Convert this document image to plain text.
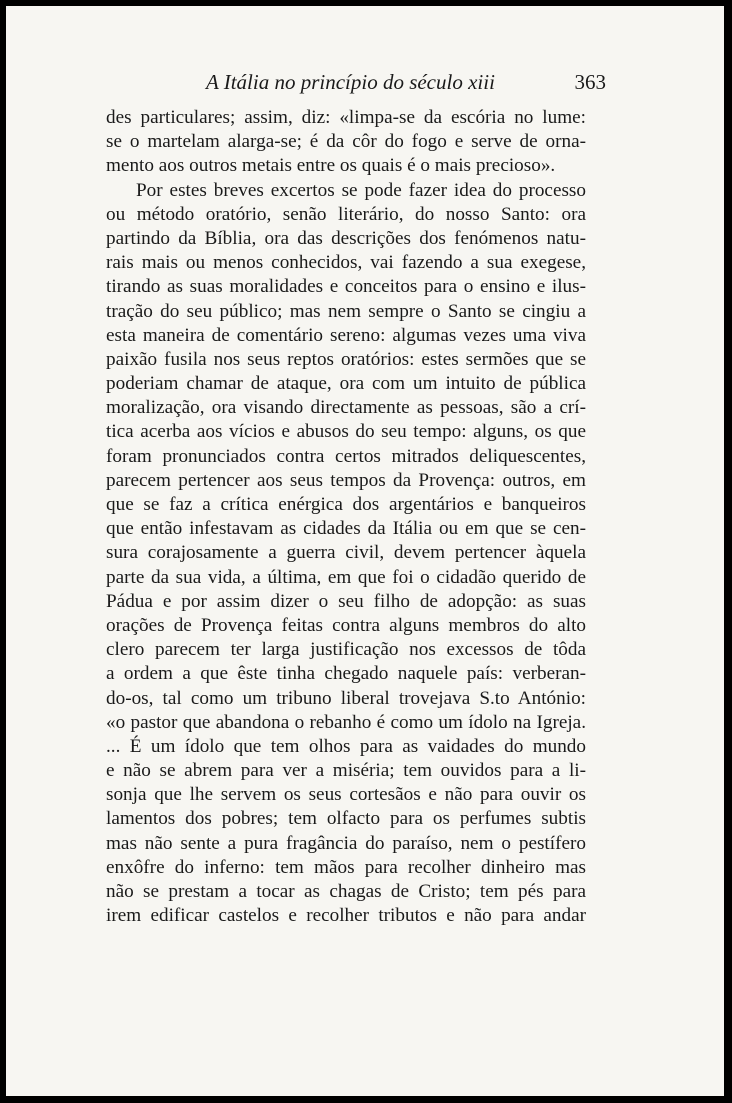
A Itália no princípio do século xiii	363
des particulares; assim, diz: «limpa-se da escória no lume:
se o martelam alarga-se; é da côr do fogo e serve de orna-
mento aos outros metais entre os quais é o mais precioso».
Por estes breves excertos se pode fazer idea do processo
ou método oratório, senão literário, do nosso Santo: ora
partindo da Bíblia, ora das descrições dos fenómenos natu-
rais mais ou menos conhecidos, vai fazendo a sua exegese,
tirando as suas moralidades e conceitos para o ensino e ilus-
tração do seu público; mas nem sempre o Santo se cingiu a
esta maneira de comentário sereno: algumas vezes uma viva
paixão fusila nos seus reptos oratórios: estes sermões que se
poderiam chamar de ataque, ora com um intuito de pública
moralização, ora visando directamente as pessoas, são a crí-
tica acerba aos vícios e abusos do seu tempo: alguns, os que
foram pronunciados contra certos mitrados deliquescentes,
parecem pertencer aos seus tempos da Provença: outros, em
que se faz a crítica enérgica dos argentários e banqueiros
que então infestavam as cidades da Itália ou em que se cen-
sura corajosamente a guerra civil, devem pertencer àquela
parte da sua vida, a última, em que foi o cidadão querido de
Pádua e por assim dizer o seu filho de adopção: as suas
orações de Provença feitas contra alguns membros do alto
clero parecem ter larga justificação nos excessos de tôda
a ordem a que êste tinha chegado naquele país: verberan-
do-os, tal como um tribuno liberal trovejava S.to António:
«o pastor que abandona o rebanho é como um ídolo na Igreja.
... É um ídolo que tem olhos para as vaidades do mundo
e não se abrem para ver a miséria; tem ouvidos para a li-
sonja que lhe servem os seus cortesãos e não para ouvir os
lamentos dos pobres; tem olfacto para os perfumes subtis
mas não sente a pura fragância do paraíso, nem o pestífero
enxôfre do inferno: tem mãos para recolher dinheiro mas
não se prestam a tocar as chagas de Cristo; tem pés para
irem edificar castelos e recolher tributos e não para andar
